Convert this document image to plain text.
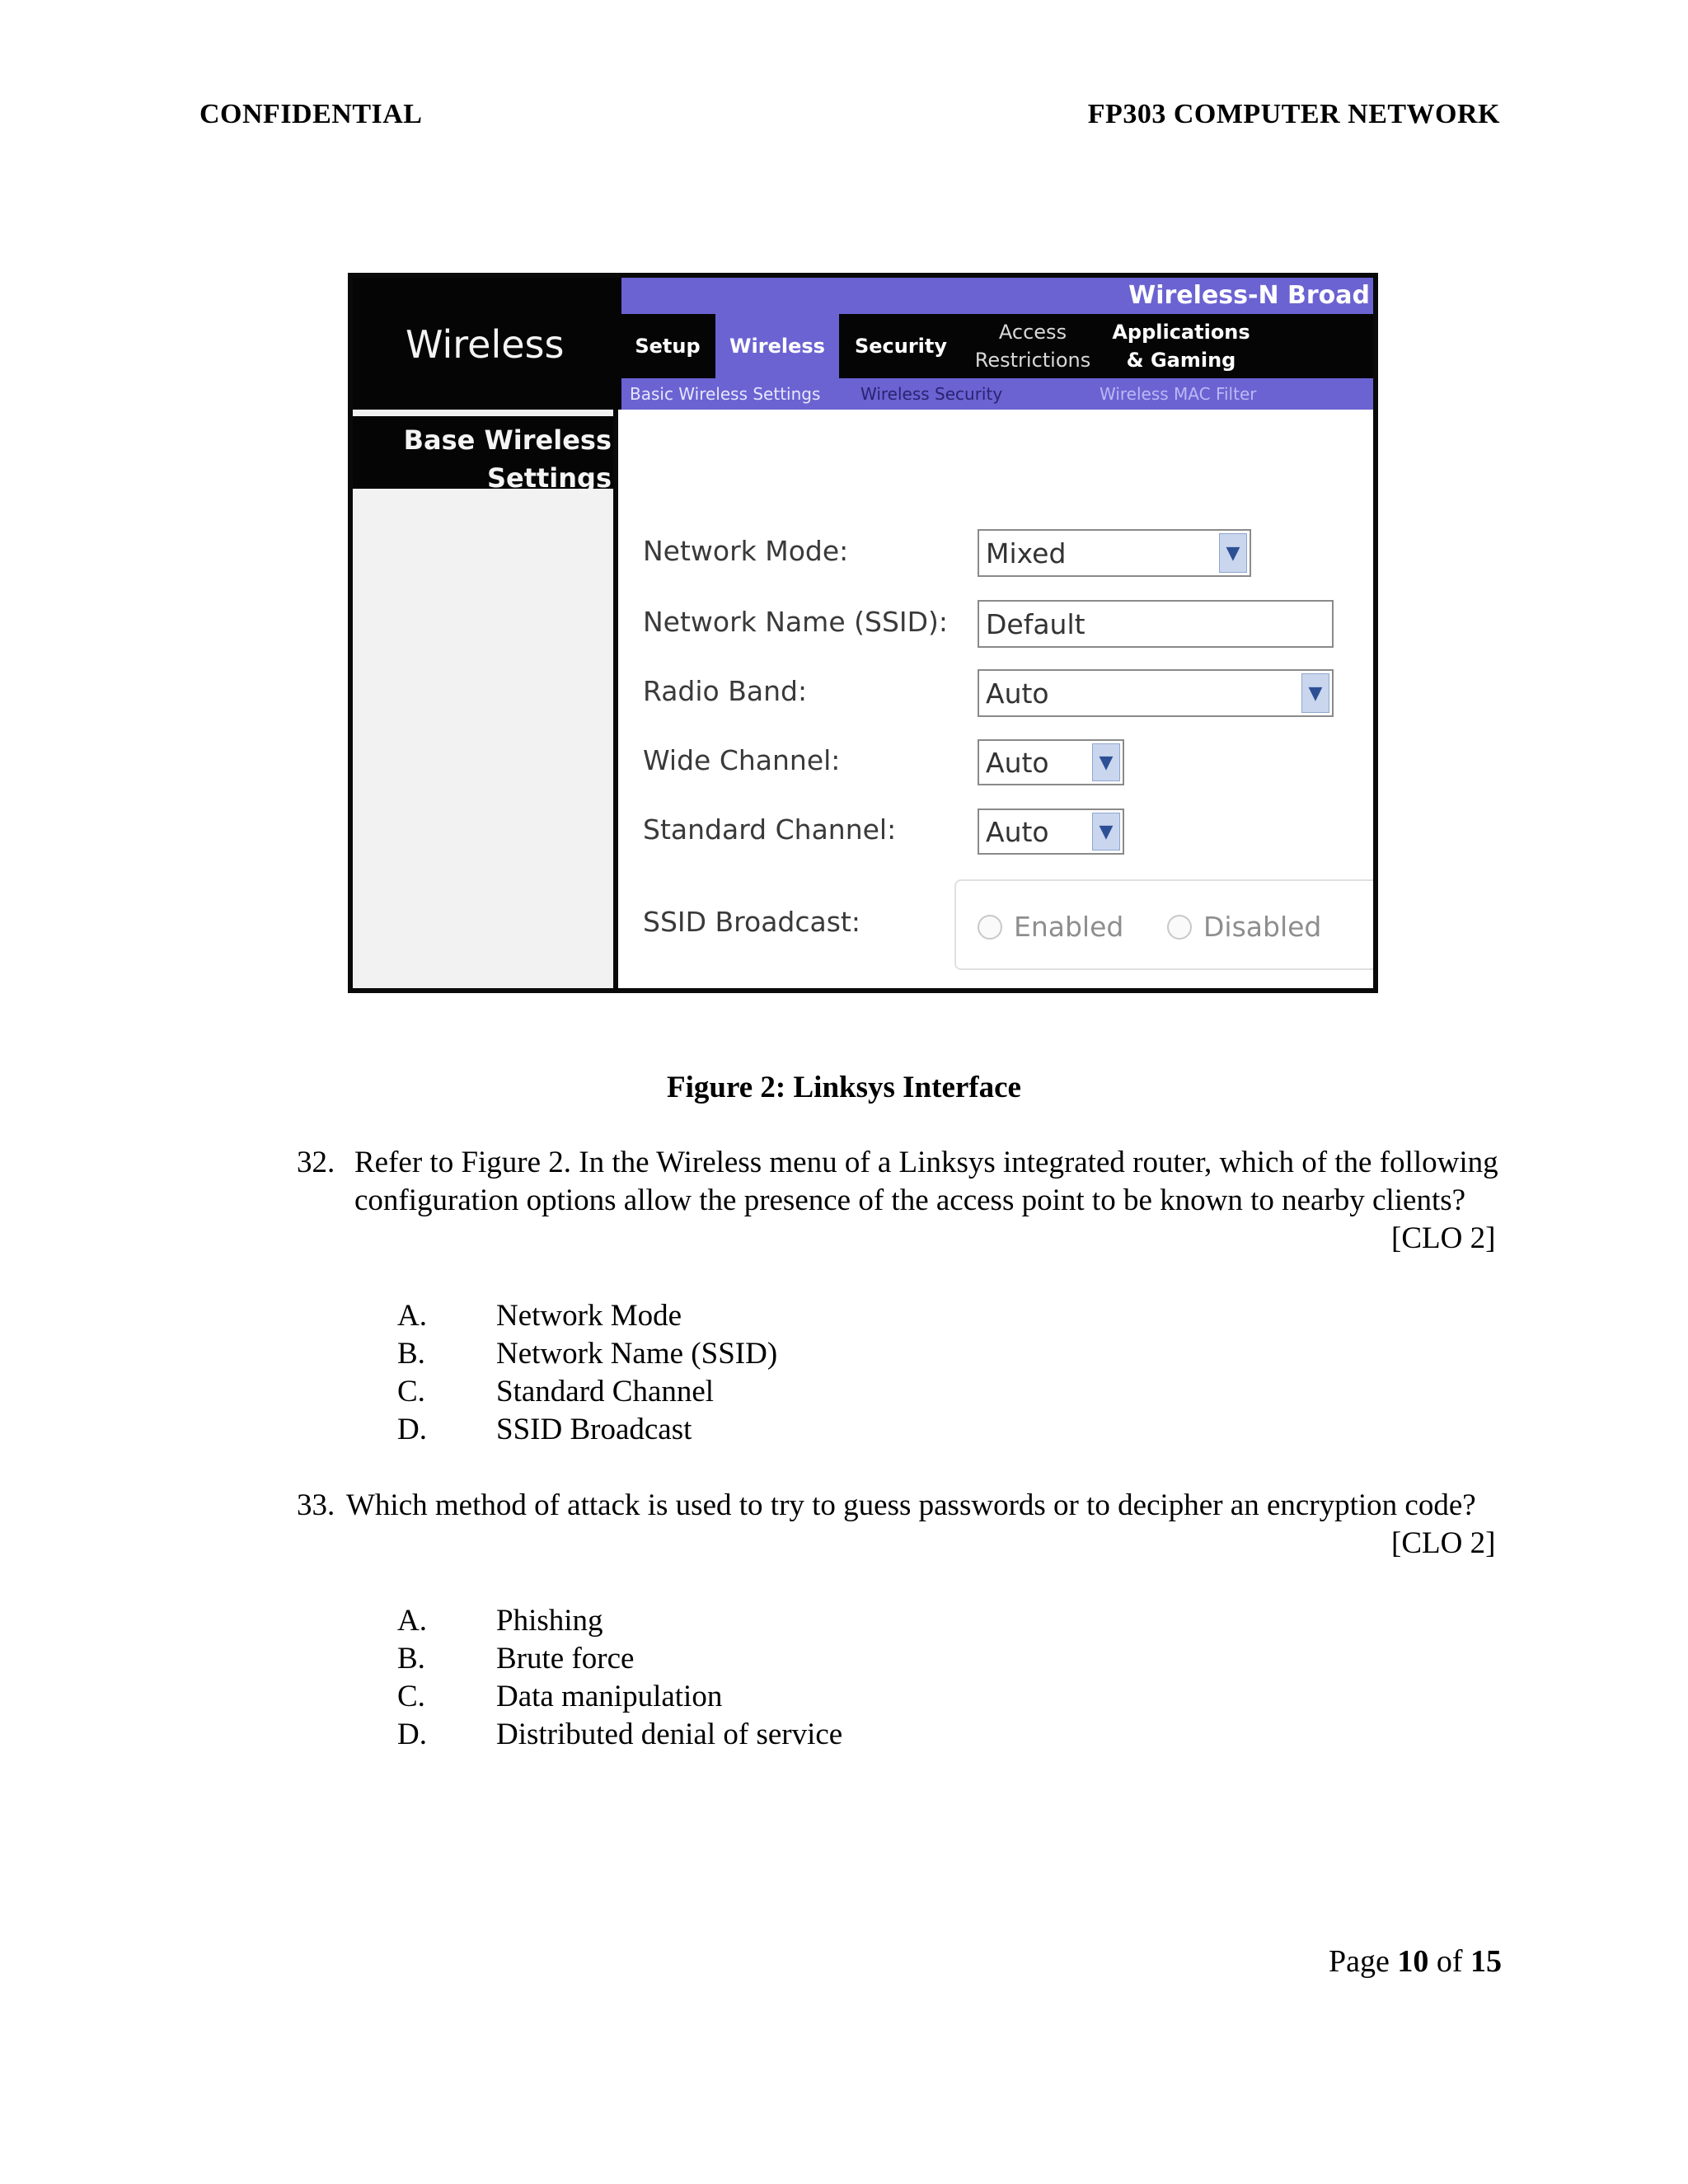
CONFIDENTIAL	FP303 COMPUTER NETWORK
Wireless
Wireless-N Broad
Setup	Wireless	Security
Access Restrictions
Applications & Gaming
Basic Wireless Settings Wireless Security	Wireless MAC Filter
Base Wireless Settings
Network Mode:	Mixed	▼
Network Name (SSID): Default
Radio Band:	Auto	▼
Wide Channel:	Auto	▼
Standard Channel:	Auto	▼
SSID Broadcast:	Enabled	Disabled
Figure 2: Linksys Interface
32. Refer to Figure 2. In the Wireless menu of a Linksys integrated router, which of the following configuration options allow the presence of the access point to be known to nearby clients?
[CLO 2]
A. Network Mode
B. Network Name (SSID)
C. Standard Channel
D. SSID Broadcast
33. Which method of attack is used to try to guess passwords or to decipher an encryption code?
[CLO 2]
A. Phishing
B. Brute force
C. Data manipulation
D. Distributed denial of service
Page 10 of 15
